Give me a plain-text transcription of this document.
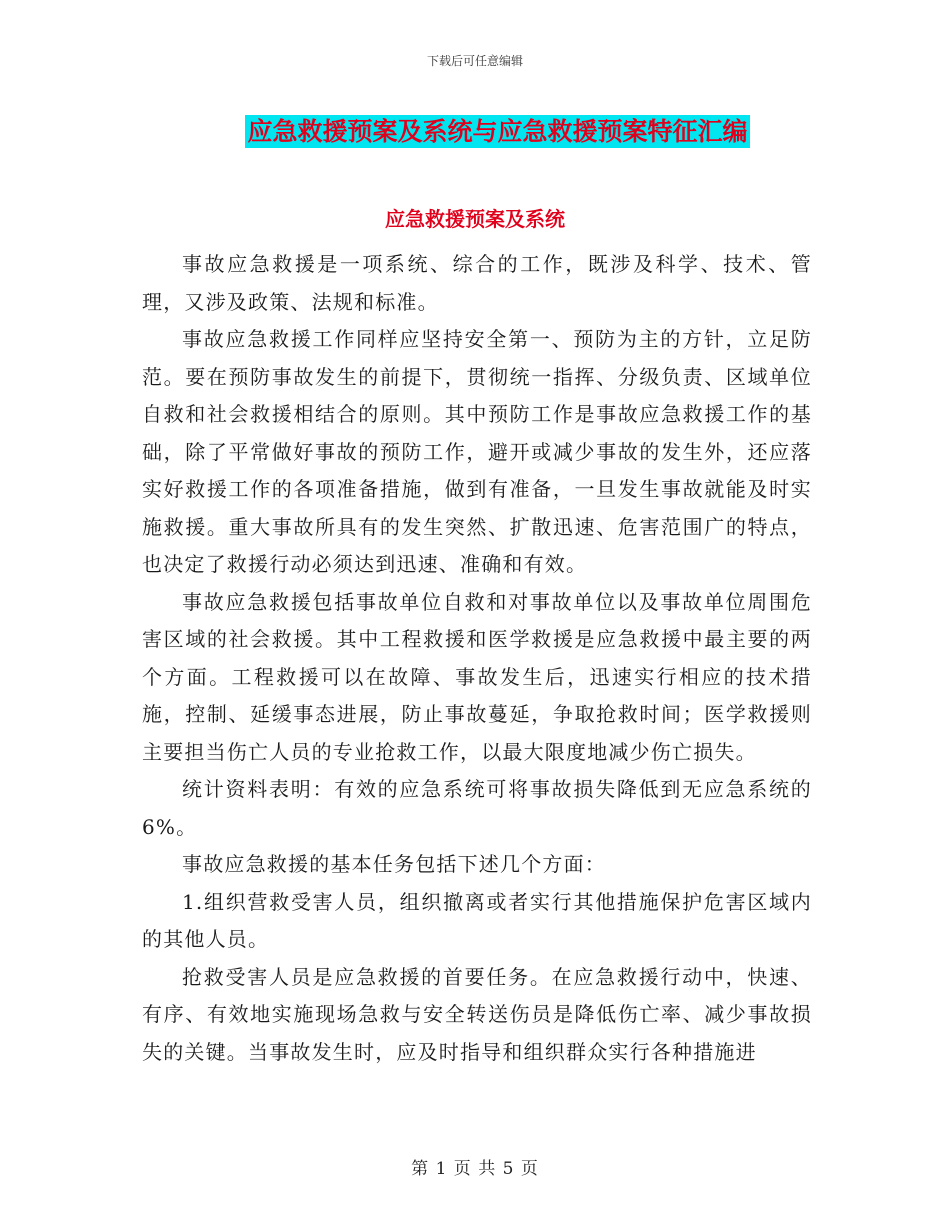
下载后可任意编辑
应急救援预案及系统与应急救援预案特征汇编
应急救援预案及系统

事故应急救援是一项系统、综合的工作，既涉及科学、技术、管理，又涉及政策、法规和标准。

事故应急救援工作同样应坚持安全第一、预防为主的方针，立足防范。要在预防事故发生的前提下，贯彻统一指挥、分级负责、区域单位自救和社会救援相结合的原则。其中预防工作是事故应急救援工作的基础，除了平常做好事故的预防工作，避开或减少事故的发生外，还应落实好救援工作的各项准备措施，做到有准备，一旦发生事故就能及时实施救援。重大事故所具有的发生突然、扩散迅速、危害范围广的特点，也决定了救援行动必须达到迅速、准确和有效。

事故应急救援包括事故单位自救和对事故单位以及事故单位周围危害区域的社会救援。其中工程救援和医学救援是应急救援中最主要的两个方面。工程救援可以在故障、事故发生后，迅速实行相应的技术措施，控制、延缓事态进展，防止事故蔓延，争取抢救时间；医学救援则主要担当伤亡人员的专业抢救工作，以最大限度地减少伤亡损失。

统计资料表明：有效的应急系统可将事故损失降低到无应急系统的6%。

事故应急救援的基本任务包括下述几个方面：

1.组织营救受害人员，组织撤离或者实行其他措施保护危害区域内的其他人员。

抢救受害人员是应急救援的首要任务。在应急救援行动中，快速、有序、有效地实施现场急救与安全转送伤员是降低伤亡率、减少事故损失的关键。当事故发生时，应及时指导和组织群众实行各种措施进

第 1 页 共 5 页
